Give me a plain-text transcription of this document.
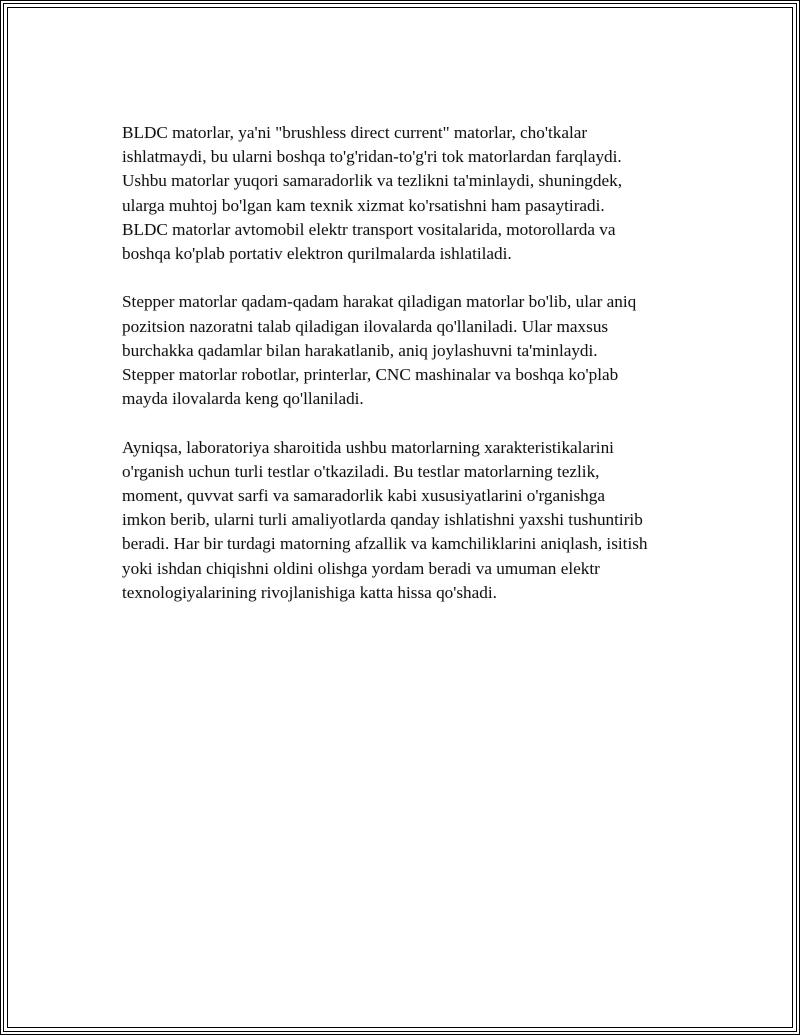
BLDC matorlar, ya'ni "brushless direct current" matorlar, cho'tkalar
ishlatmaydi, bu ularni boshqa to'g'ridan-to'g'ri tok matorlardan farqlaydi.
Ushbu matorlar yuqori samaradorlik va tezlikni ta'minlaydi, shuningdek,
ularga muhtoj bo'lgan kam texnik xizmat ko'rsatishni ham pasaytiradi.
BLDC matorlar avtomobil elektr transport vositalarida, motorollarda va
boshqa ko'plab portativ elektron qurilmalarda ishlatiladi.

Stepper matorlar qadam-qadam harakat qiladigan matorlar bo'lib, ular aniq
pozitsion nazoratni talab qiladigan ilovalarda qo'llaniladi. Ular maxsus
burchakka qadamlar bilan harakatlanib, aniq joylashuvni ta'minlaydi.
Stepper matorlar robotlar, printerlar, CNC mashinalar va boshqa ko'plab
mayda ilovalarda keng qo'llaniladi.

Ayniqsa, laboratoriya sharoitida ushbu matorlarning xarakteristikalarini
o'rganish uchun turli testlar o'tkaziladi. Bu testlar matorlarning tezlik,
moment, quvvat sarfi va samaradorlik kabi xususiyatlarini o'rganishga
imkon berib, ularni turli amaliyotlarda qanday ishlatishni yaxshi tushuntirib
beradi. Har bir turdagi matorning afzallik va kamchiliklarini aniqlash, isitish
yoki ishdan chiqishni oldini olishga yordam beradi va umuman elektr
texnologiyalarining rivojlanishiga katta hissa qo'shadi.
